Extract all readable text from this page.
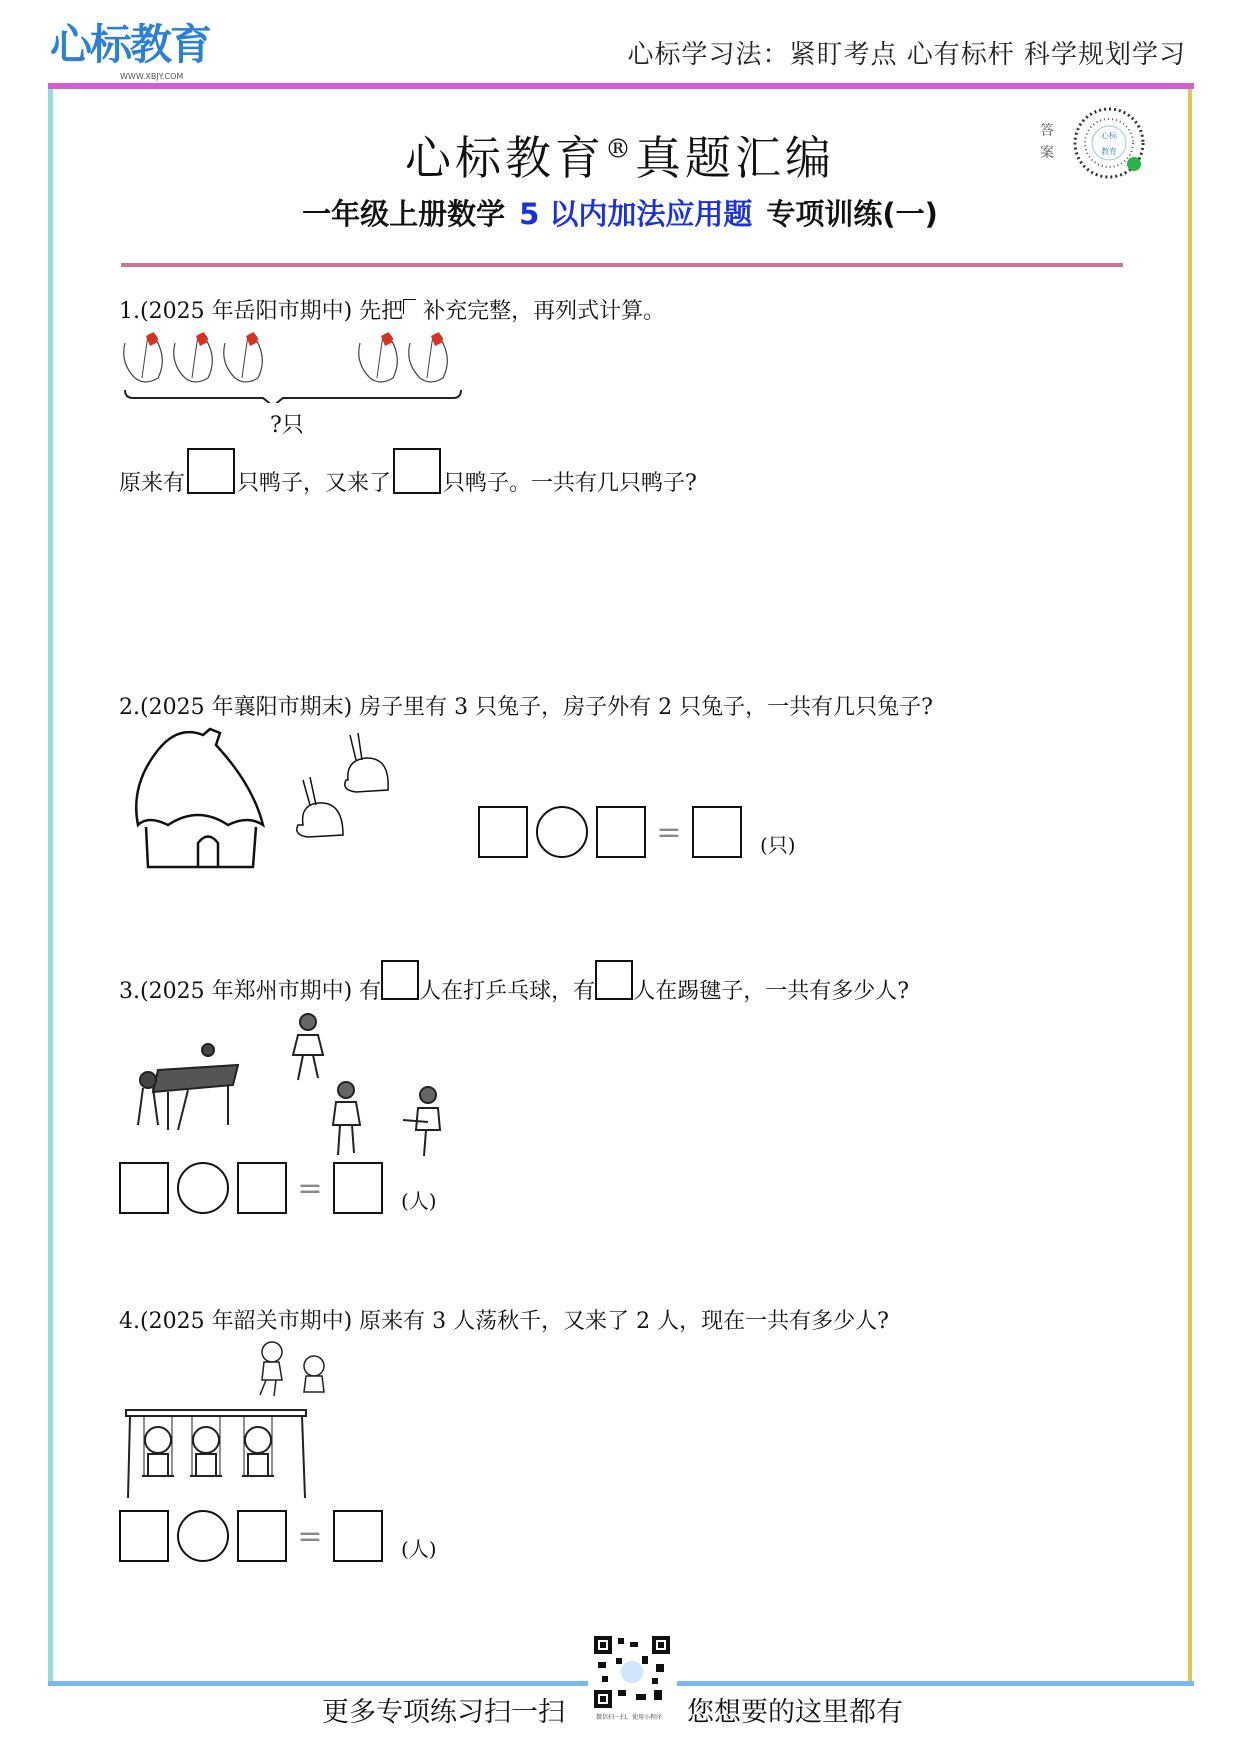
心标教育
WWW.XBJY.COM
心标学习法：紧盯考点 心有标杆 科学规划学习
心标教育®真题汇编
一年级上册数学 5 以内加法应用题 专项训练(一)
答案
心标
教育
1.(2025 年岳阳市期中) 先把 补充完整，再列式计算。
?只
原来有 只鸭子，又来了 只鸭子。一共有几只鸭子?
2.(2025 年襄阳市期末) 房子里有 3 只兔子，房子外有 2 只兔子，一共有几只兔子?
=	(只)
3.(2025 年郑州市期中) 有 人在打乒乓球，有 人在踢毽子，一共有多少人?
=	(人)
4.(2025 年韶关市期中) 原来有 3 人荡秋千，又来了 2 人，现在一共有多少人?
=	(人)
更多专项练习扫一扫	微信扫一扫，使用小程序 您想要的这里都有
